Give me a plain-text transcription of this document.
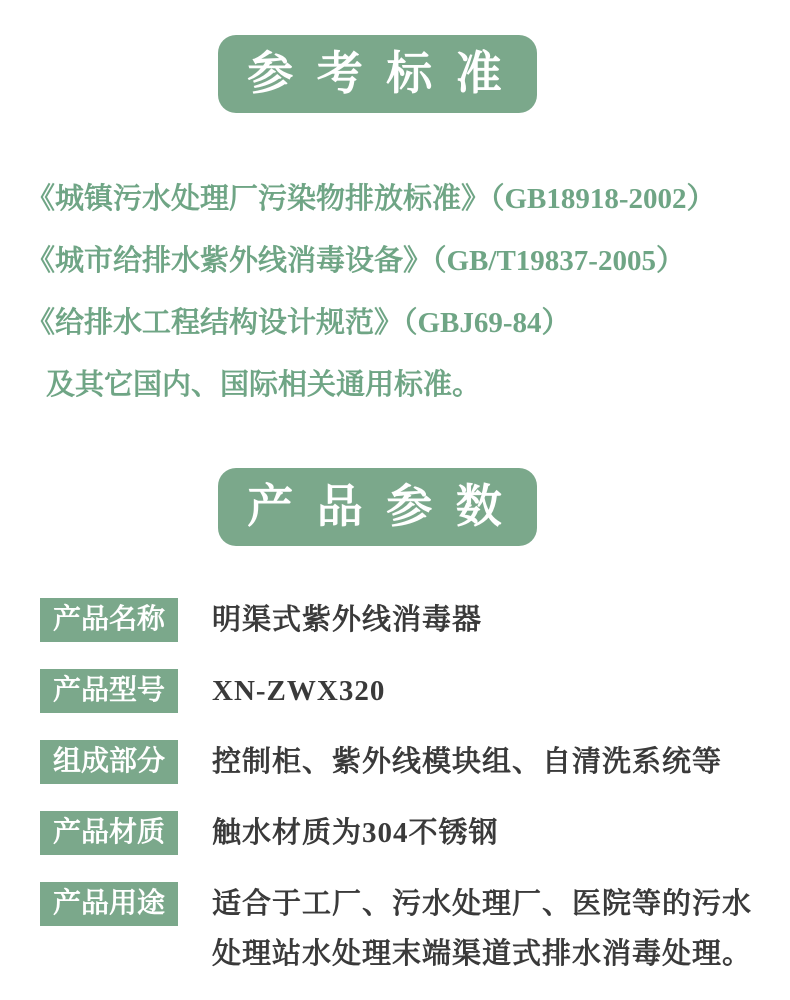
参 考 标 准

《城镇污水处理厂污染物排放标准》（GB18918-2002）

《城市给排水紫外线消毒设备》（GB/T19837-2005）

《给排水工程结构设计规范》（GBJ69-84）

及其它国内、国际相关通用标准。

产 品 参 数
产品名称	明渠式紫外线消毒器
产品型号	XN-ZWX320
组成部分	控制柜、紫外线模块组、自清洗系统等
产品材质	触水材质为304不锈钢
产品用途	适合于工厂、污水处理厂、医院等的污水处理站水处理末端渠道式排水消毒处理。
